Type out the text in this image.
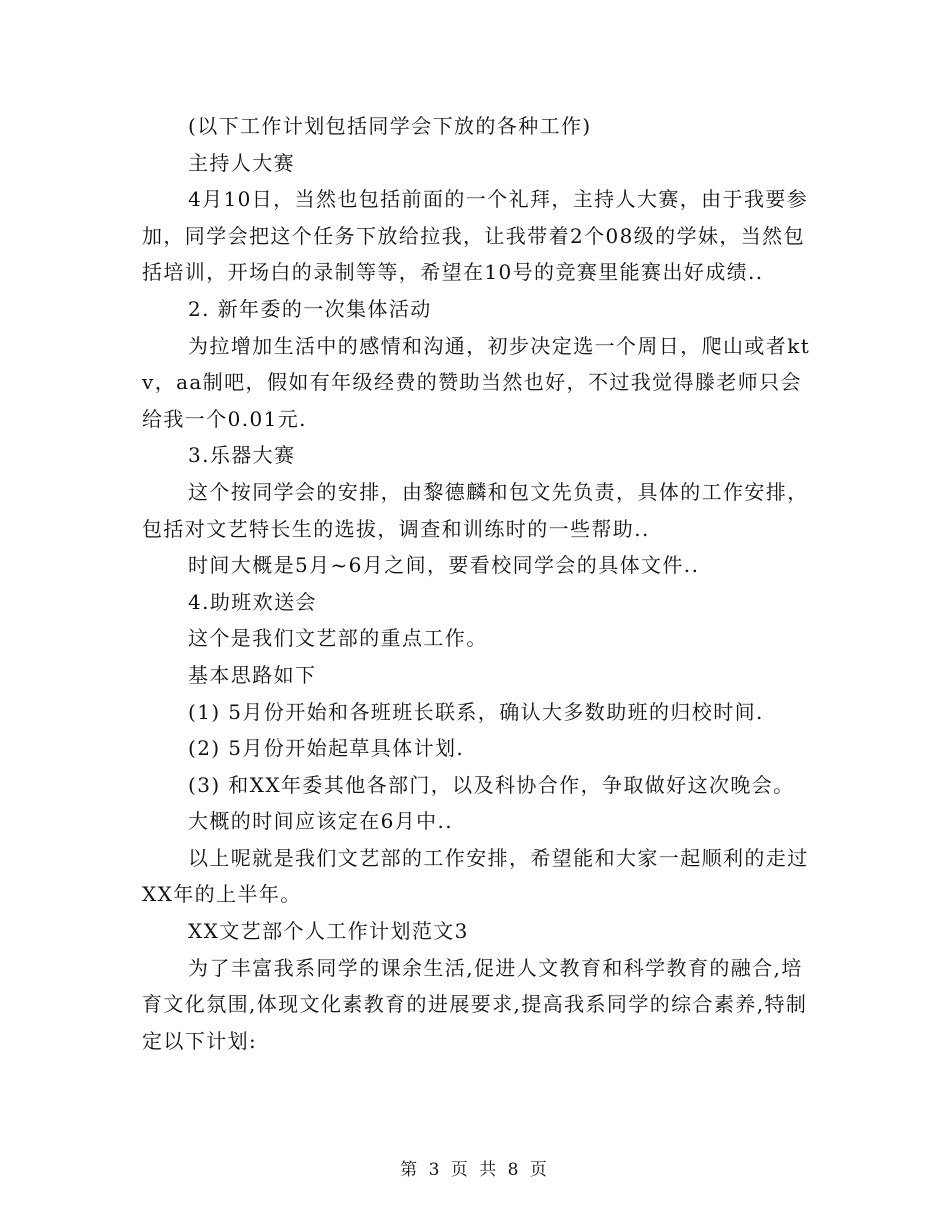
(以下工作计划包括同学会下放的各种工作)

主持人大赛

4月10日，当然也包括前面的一个礼拜，主持人大赛，由于我要参加，同学会把这个任务下放给拉我，让我带着2个08级的学妹，当然包括培训，开场白的录制等等，希望在10号的竞赛里能赛出好成绩..

2. 新年委的一次集体活动

为拉增加生活中的感情和沟通，初步决定选一个周日，爬山或者ktv，aa制吧，假如有年级经费的赞助当然也好，不过我觉得滕老师只会给我一个0.01元.

3.乐器大赛

这个按同学会的安排，由黎德麟和包文先负责，具体的工作安排，包括对文艺特长生的选拔，调查和训练时的一些帮助..

时间大概是5月~6月之间，要看校同学会的具体文件..

4.助班欢送会

这个是我们文艺部的重点工作。

基本思路如下

(1) 5月份开始和各班班长联系，确认大多数助班的归校时间.

(2) 5月份开始起草具体计划.

(3) 和XX年委其他各部门，以及科协合作，争取做好这次晚会。

大概的时间应该定在6月中..

以上呢就是我们文艺部的工作安排，希望能和大家一起顺利的走过XX年的上半年。

XX文艺部个人工作计划范文3

为了丰富我系同学的课余生活,促进人文教育和科学教育的融合,培育文化氛围,体现文化素教育的进展要求,提高我系同学的综合素养,特制定以下计划:

第 3 页 共 8 页
